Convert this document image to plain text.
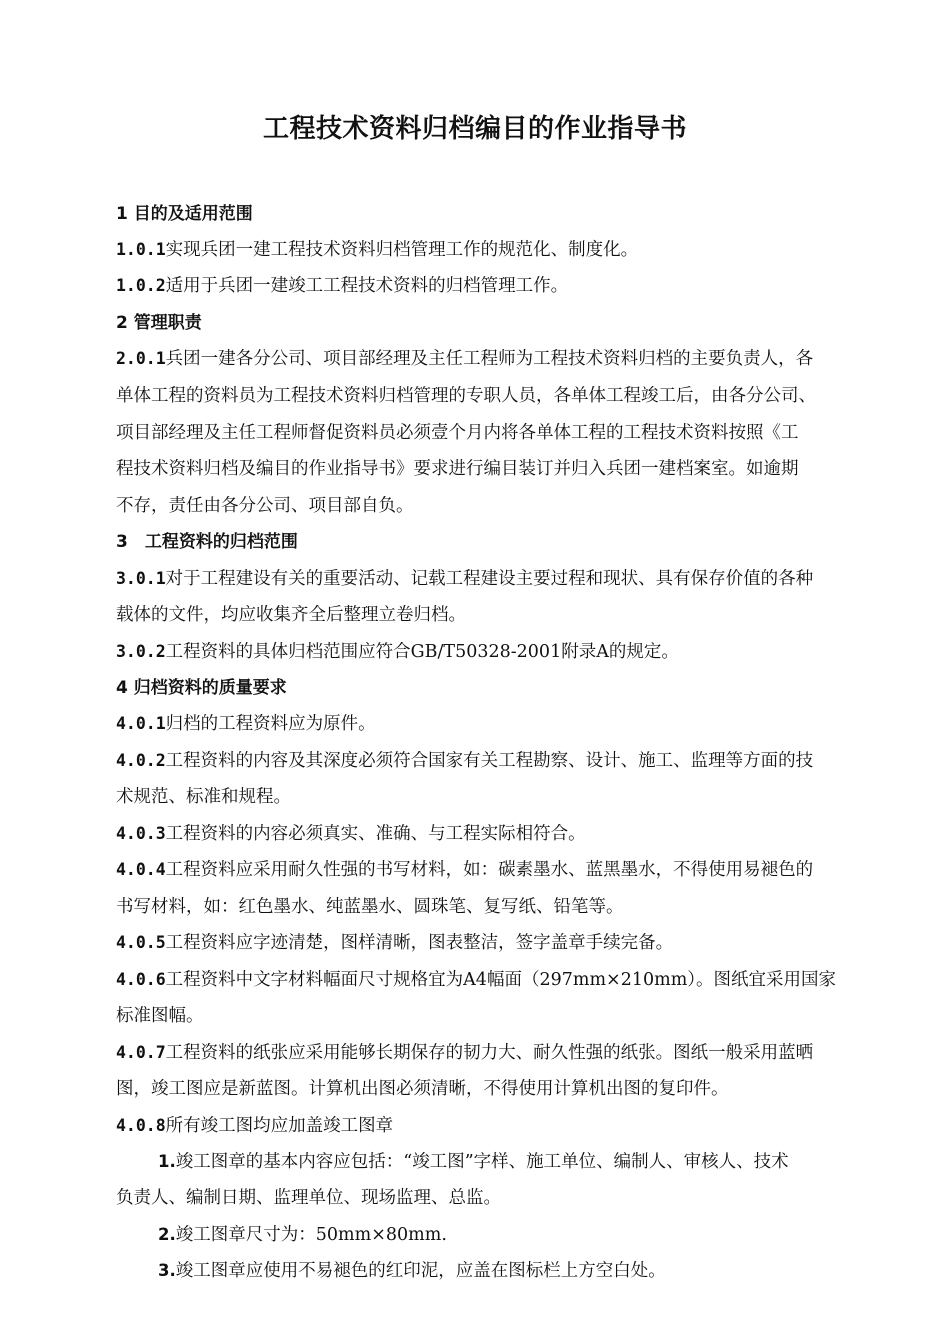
工程技术资料归档编目的作业指导书
1 目的及适用范围
1.0.1实现兵团一建工程技术资料归档管理工作的规范化、制度化。
1.0.2适用于兵团一建竣工工程技术资料的归档管理工作。
2 管理职责
2.0.1兵团一建各分公司、项目部经理及主任工程师为工程技术资料归档的主要负责人，各
单体工程的资料员为工程技术资料归档管理的专职人员，各单体工程竣工后，由各分公司、
项目部经理及主任工程师督促资料员必须壹个月内将各单体工程的工程技术资料按照《工
程技术资料归档及编目的作业指导书》要求进行编目装订并归入兵团一建档案室。如逾期
不存，责任由各分公司、项目部自负。
3　工程资料的归档范围
3.0.1对于工程建设有关的重要活动、记载工程建设主要过程和现状、具有保存价值的各种
载体的文件，均应收集齐全后整理立卷归档。
3.0.2工程资料的具体归档范围应符合GB/T50328-2001附录A的规定。
4 归档资料的质量要求
4.0.1归档的工程资料应为原件。
4.0.2工程资料的内容及其深度必须符合国家有关工程勘察、设计、施工、监理等方面的技
术规范、标准和规程。
4.0.3工程资料的内容必须真实、准确、与工程实际相符合。
4.0.4工程资料应采用耐久性强的书写材料，如：碳素墨水、蓝黑墨水，不得使用易褪色的
书写材料，如：红色墨水、纯蓝墨水、圆珠笔、复写纸、铅笔等。
4.0.5工程资料应字迹清楚，图样清晰，图表整洁，签字盖章手续完备。
4.0.6工程资料中文字材料幅面尺寸规格宜为A4幅面（297mm×210mm）。图纸宜采用国家
标准图幅。
4.0.7工程资料的纸张应采用能够长期保存的韧力大、耐久性强的纸张。图纸一般采用蓝晒
图，竣工图应是新蓝图。计算机出图必须清晰，不得使用计算机出图的复印件。
4.0.8所有竣工图均应加盖竣工图章
1.竣工图章的基本内容应包括：“竣工图”字样、施工单位、编制人、审核人、技术
负责人、编制日期、监理单位、现场监理、总监。
2.竣工图章尺寸为：50mm×80mm.
3.竣工图章应使用不易褪色的红印泥，应盖在图标栏上方空白处。
